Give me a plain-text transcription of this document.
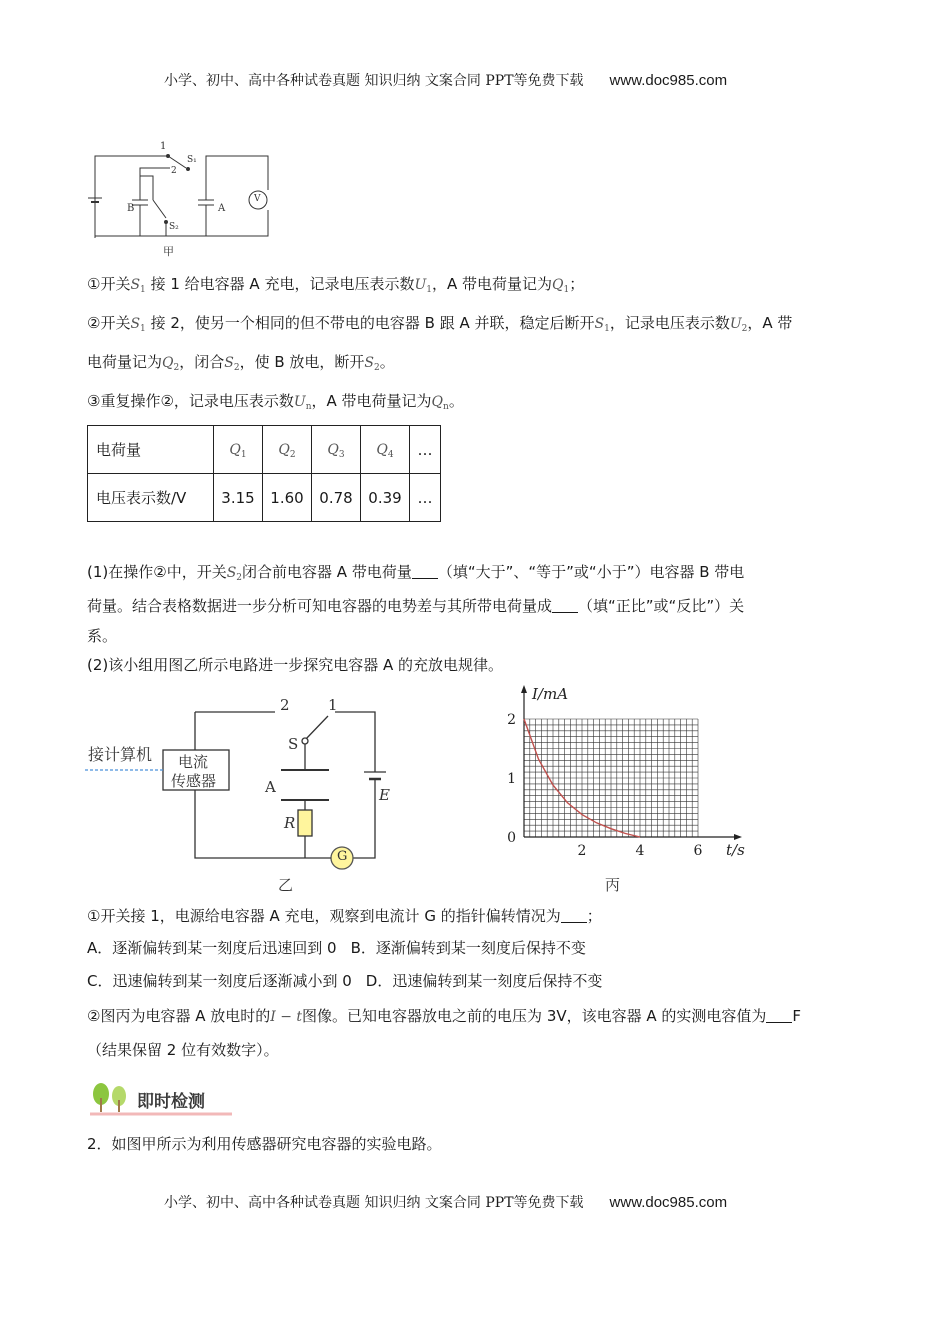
小学、初中、高中各种试卷真题 知识归纳 文案合同 PPT等免费下载 www.doc985.com
1
S₁
2
B	A
S₂
V
甲
①开关$S_1$ 接 1 给电容器 A 充电，记录电压表示数$U_1$，A 带电荷量记为$Q_1$；
②开关$S_1$ 接 2，使另一个相同的但不带电的电容器 B 跟 A 并联，稳定后断开$S_1$，记录电压表示数$U_2$，A 带
电荷量记为$Q_2$，闭合$S_2$，使 B 放电，断开$S_2$。
③重复操作②，记录电压表示数$U_n$，A 带电荷量记为$Q_n$。
电荷量	$Q_1$	$Q_2$	$Q_3$	$Q_4$	…
电压表示数/V	3.15	1.60	0.78	0.39	…
(1)在操作②中，开关$S_2$闭合前电容器 A 带电荷量 （填“大于”、“等于”或“小于”）电容器 B 带电
荷量。结合表格数据进一步分析可知电容器的电势差与其所带电荷量成 （填“正比”或“反比”）关
系。
(2)该小组用图乙所示电路进一步探究电容器 A 的充放电规律。
接计算机 电流
传感器
2	1
S
A
R
E
G
乙
2	4	6
0
1
2
I/mA
t/s
丙
①开关接 1，电源给电容器 A 充电，观察到电流计 G 的指针偏转情况为 ；
A．逐渐偏转到某一刻度后迅速回到 0 B．逐渐偏转到某一刻度后保持不变
C．迅速偏转到某一刻度后逐渐减小到 0 D．迅速偏转到某一刻度后保持不变
②图丙为电容器 A 放电时的I − t图像。已知电容器放电之前的电压为 3V，该电容器 A 的实测电容值为 F
（结果保留 2 位有效数字）。
即时检测
2．如图甲所示为利用传感器研究电容器的实验电路。
小学、初中、高中各种试卷真题 知识归纳 文案合同 PPT等免费下载 www.doc985.com
